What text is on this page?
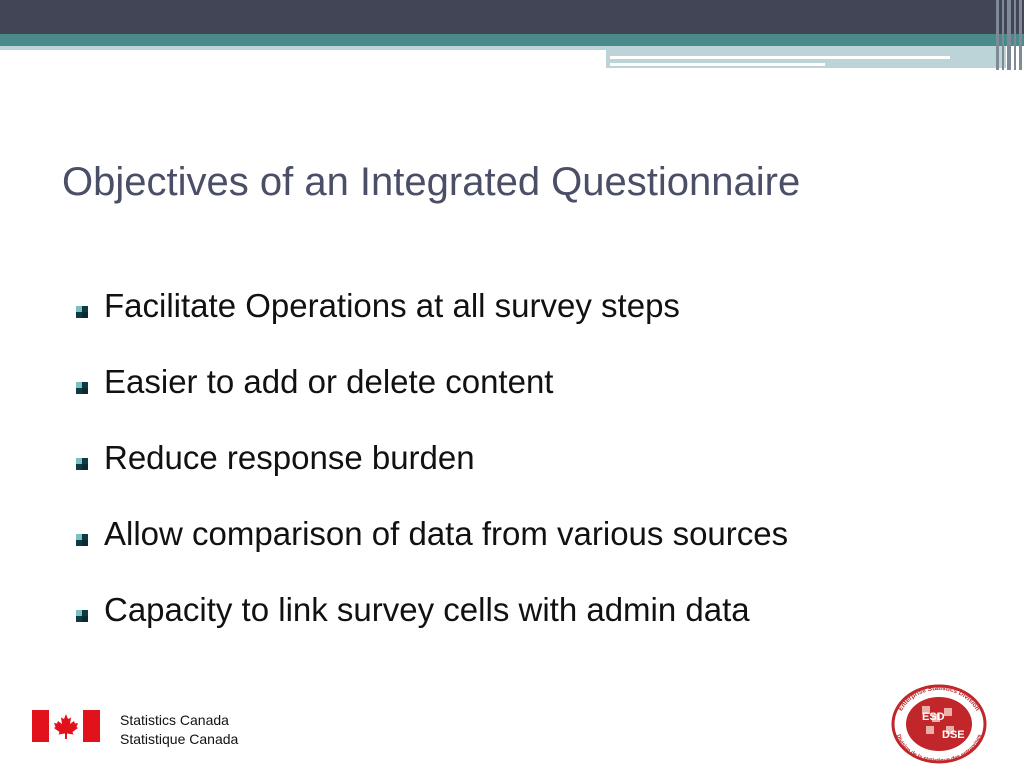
Objectives of an Integrated Questionnaire
Facilitate Operations at all survey steps
Easier to add or delete content
Reduce response burden
Allow comparison of data from various sources
Capacity to link survey cells with admin data
Statistics Canada
Statistique Canada
ESD
DSE
Enterprise Statistics Division
Division de la statistique des entreprises
